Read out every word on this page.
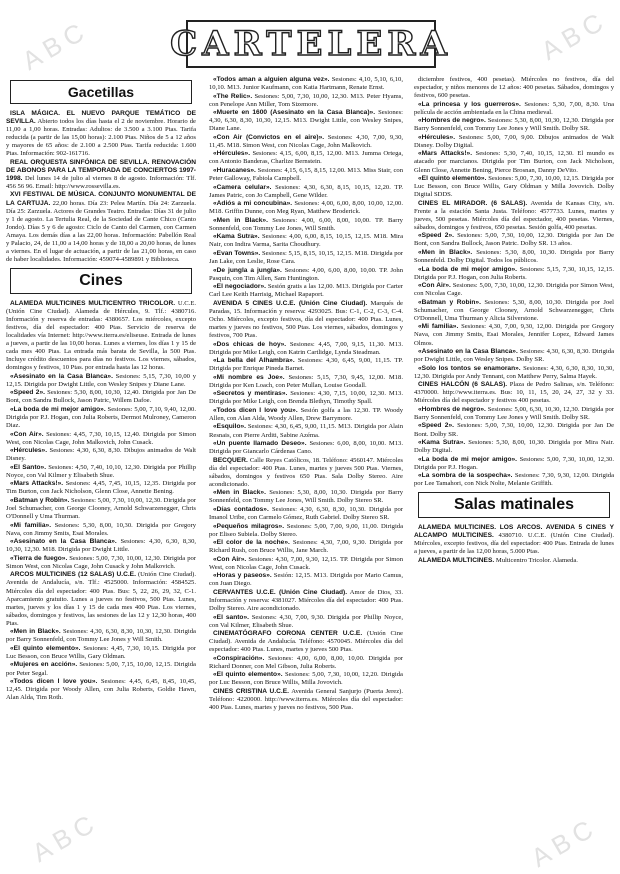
ABC	ABC
ABC	ABC
CARTELERA
Gacetillas

ISLA MÁGICA. EL NUEVO PARQUE TEMÁTICO DE SEVILLA. Abierto todos los días hasta el 2 de noviembre. Horario de 11,00 a 1,00 horas. Entradas: Adultos: de 3.500 a 3.100 Ptas. Tarifa reducida (a partir de las 15,00 horas): 2.100 Ptas. Niños de 5 a 12 años y mayores de 65 años: de 2.100 a 2.500 Ptas. Tarifa reducida: 1.600 Ptas. Información: 902-161716.

REAL ORQUESTA SINFÓNICA DE SEVILLA. RENOVACIÓN DE ABONOS PARA LA TEMPORADA DE CONCIERTOS 1997-1998. Del lunes 14 de julio al viernes 8 de agosto. Información: Tlf. 456 56 96. Email: http://www.rossevilla.es.

XVI FESTIVAL DE MÚSICA. CONJUNTO MONUMENTAL DE LA CARTUJA. 22,00 horas. Día 23: Pelea Martín. Día 24: Zarzuela. Día 25: Zarzuela. Actores de Grandes Teatro. Entradas: Días 31 de julio y 1 de agosto. La Tertulia Real, de la Sociedad de Cante Chico (Canto Jondo). Días 5 y 6 de agosto: Ciclo de Canto del Carmen, con Carmen Amaya. Los demás días a las 22,00 horas. Información: Pabellón Real y Palacio, 24, de 11,00 a 14,00 horas y de 18,00 a 20,00 horas, de lunes a viernes. En el lugar de actuación, a partir de las 21,00 horas, en caso de haber localidades. Información: 459074-4589891 y Biblioteca.

Cines

ALAMEDA MULTICINES MULTICENTRO TRICOLOR. U.C.E. (Unión Cine Ciudad). Alameda de Hércules, 9. Tlf.: 4380716. Información y reserva de entradas: 4380657. Los miércoles, excepto festivos, día del espectador: 400 Ptas. Servicio de reserva de localidades vía Internet: http://www.iterra.es/eliseuse. Entrada de lunes a jueves, a partir de las 10,00 horas. Lunes a viernes, los días 1 y 15 de cada mes 400 Ptas. La entrada más barata de Sevilla, la 500 Ptas. Incluye crédito descuentos para días no festivos. Los viernes, sábados, domingos y festivos, 10 Ptas. por entrada hasta las 12 horas.

«Asesinato en la Casa Blanca». Sesiones: 5,15, 7,30, 10,00 y 12,15. Dirigida por Dwight Little, con Wesley Snipes y Diane Lane.

«Speed 2». Sesiones: 5,30, 8,00, 10,30, 12,40. Dirigida por Jan De Bont, con Sandra Bullock, Jason Patric, Willem Dafoe.

«La boda de mi mejor amigo». Sesiones: 5,00, 7,10, 9,40, 12,00. Dirigida por P.J. Hogan, con Julia Roberts, Dermot Mulroney, Cameron Diaz.

«Con Air». Sesiones: 4,45, 7,30, 10,15, 12,40. Dirigida por Simon West, con Nicolas Cage, John Malkovich, John Cusack.

«Hércules». Sesiones: 4,30, 6,30, 8,30. Dibujos animados de Walt Disney.

«El Santo». Sesiones: 4,50, 7,40, 10,10, 12,30. Dirigida por Phillip Noyce, con Val Kilmer y Elisabeth Shue.

«Mars Attacks!». Sesiones: 4,45, 7,45, 10,15, 12,35. Dirigida por Tim Burton, con Jack Nicholson, Glenn Close, Annette Bening.

«Batman y Robin». Sesiones: 5,00, 7,30, 10,00, 12,30. Dirigida por Joel Schumacher, con George Clooney, Arnold Schwarzenegger, Chris O'Donnell y Uma Thurman.

«Mi familia». Sesiones: 5,30, 8,00, 10,30. Dirigida por Gregory Nava, con Jimmy Smits, Esai Morales.

«Asesinato en la Casa Blanca». Sesiones: 4,30, 6,30, 8,30, 10,30, 12,30. M18. Dirigida por Dwight Little.

«Tierra de fuego». Sesiones: 5,00, 7,30, 10,00, 12,30. Dirigida por Simon West, con Nicolas Cage, John Cusack y John Malkovich.

ARCOS MULTICINES (12 SALAS) U.C.E. (Unión Cine Ciudad). Avenida de Andalucía, s/n. Tlf.: 4525000. Información: 4584525. Miércoles día del espectador: 400 Ptas. Bus: 5, 22, 26, 29, 32, C-1. Aparcamiento gratuito. Lunes a jueves no festivos, 500 Ptas. Lunes, martes, jueves y los días 1 y 15 de cada mes 400 Ptas. Los viernes, sábados, domingos y festivos, las sesiones de las 12 y 12,30 horas, 400 Ptas.

«Men in Black». Sesiones: 4,30, 6,30, 8,30, 10,30, 12,30. Dirigida por Barry Sonnenfeld, con Tommy Lee Jones y Will Smith.

«El quinto elemento». Sesiones: 4,45, 7,30, 10,15. Dirigida por Luc Besson, con Bruce Willis, Gary Oldman.

«Mujeres en acción». Sesiones: 5,00, 7,15, 10,00, 12,15. Dirigida por Peter Segal.

«Todos dicen I love you». Sesiones: 4,45, 6,45, 8,45, 10,45, 12,45. Dirigida por Woody Allen, con Julia Roberts, Goldie Hawn, Alan Alda, Tim Roth.

«Todos aman a alguien alguna vez». Sesiones: 4,10, 5,10, 6,10, 10,10. M13. Junior Kaufmann, con Katia Hartmann, Renate Ernst.

«The Relic». Sesiones: 5,00, 7,30, 10,00, 12,30. M13. Peter Hyams, con Penelope Ann Miller, Tom Sizemore.

«Muerte en 1600 (Asesinato en la Casa Blanca)». Sesiones: 4,30, 6,30, 8,30, 10,30, 12,15. M13. Dwight Little, con Wesley Snipes, Diane Lane.

«Con Air (Convictos en el aire)». Sesiones: 4,30, 7,00, 9,30, 11,45. M18. Simon West, con Nicolas Cage, John Malkovich.

«Hércules». Sesiones: 4,15, 6,00, 8,15, 12,00. M13. Jumma Ortega, con Antonio Banderas, Charlize Bernstein.

«Huracanes». Sesiones: 4,15, 6,15, 8,15, 12,00. M13. Miss Stair, con Peter Galloway, Fabiola Campbell.

«Camera celular». Sesiones: 4,30, 6,30, 8,15, 10,15, 12,20. TP. James Patric, con Jo Campbell, Gene Wilder.

«Adiós a mi concubina». Sesiones: 4,00, 6,00, 8,00, 10,00, 12,00. M18. Griffin Dunne, con Meg Ryan, Matthew Broderick.

«Men in Black». Sesiones: 4,00, 6,00, 8,00, 10,00. TP. Barry Sonnenfeld, con Tommy Lee Jones, Will Smith.

«Kama Sutra». Sesiones: 4,00, 6,00, 8,15, 10,15, 12,15. M18. Mira Nair, con Indira Varma, Sarita Choudhury.

«Evan Towns». Sesiones: 5,15, 8,15, 10,15, 12,15. M18. Dirigida por Jan Lake, con Leslie, Rose Cara.

«De jungla a jungla». Sesiones: 4,00, 6,00, 8,00, 10,00. TP. John Pasquin, con Tim Allen, Sam Huntington.

«El negociador». Sesión gratis a las 12,00. M13. Dirigida por Carter Carl Lee Keith Harrisig, Michael Rapaport.

AVENIDA 5 CINES U.C.E. (Unión Cine Ciudad). Marqués de Paradas, 15. Información y reserva: 4293025. Bus: C-1, C-2, C-3, C-4. Ocho. Miércoles, excepto festivos, día del espectador: 400 Ptas. Lunes, martes y jueves no festivos, 500 Ptas. Los viernes, sábados, domingos y festivos, 700 Ptas.

«Dos chicas de hoy». Sesiones: 4,45, 7,00, 9,15, 11,30. M13. Dirigida por Mike Leigh, con Katrin Cartlidge, Lynda Steadman.

«La bella del Alhambra». Sesiones: 4,30, 6,45, 9,00, 11,15. TP. Dirigida por Enrique Pineda Barnet.

«Mi nombre es Joe». Sesiones: 5,15, 7,30, 9,45, 12,00. M18. Dirigida por Ken Loach, con Peter Mullan, Louise Goodall.

«Secretos y mentiras». Sesiones: 4,30, 7,15, 10,00, 12,30. M13. Dirigida por Mike Leigh, con Brenda Blethyn, Timothy Spall.

«Todos dicen I love you». Sesión golfa a las 12,30. TP. Woody Allen, con Alan Alda, Woody Allen, Drew Barrymore.

«Esquilo». Sesiones: 4,30, 6,45, 9,00, 11,15. M13. Dirigida por Alain Resnais, con Pierre Arditi, Sabine Azéma.

«Un puente llamado Deseo». Sesiones: 6,00, 8,00, 10,00. M13. Dirigida por Giancarlo Cárdenas Cano.

BECQUER. Calle Reyes Católicos, 18. Teléfono: 4560147. Miércoles día del espectador: 400 Ptas. Lunes, martes y jueves 500 Ptas. Viernes, sábados, domingos y festivos 650 Ptas. Sala Dolby Stereo. Aire acondicionado.

«Men in Black». Sesiones: 5,30, 8,00, 10,30. Dirigida por Barry Sonnenfeld, con Tommy Lee Jones, Will Smith. Dolby Stereo SR.

«Días contados». Sesiones: 4,30, 6,30, 8,30, 10,30. Dirigida por Imanol Uribe, con Carmelo Gómez, Ruth Gabriel. Dolby Stereo SR.

«Pequeños milagros». Sesiones: 5,00, 7,00, 9,00, 11,00. Dirigida por Eliseo Subiela. Dolby Stereo.

«El color de la noche». Sesiones: 4,30, 7,00, 9,30. Dirigida por Richard Rush, con Bruce Willis, Jane March.

«Con Air». Sesiones: 4,30, 7,00, 9,30, 12,15. TP. Dirigida por Simon West, con Nicolas Cage, John Cusack.

«Horas y paseos». Sesión: 12,15. M13. Dirigida por Mario Camus, con Juan Diego.

CERVANTES U.C.E. (Unión Cine Ciudad). Amor de Dios, 33. Información y reserva: 4381027. Miércoles día del espectador: 400 Ptas. Dolby Stereo. Aire acondicionado.

«El santo». Sesiones: 4,30, 7,00, 9,30. Dirigida por Phillip Noyce, con Val Kilmer, Elisabeth Shue.

CINEMATÓGRAFO CORONA CENTER U.C.E. (Unión Cine Ciudad). Avenida de Andalucía. Teléfono: 4570045. Miércoles día del espectador: 400 Ptas. Lunes, martes y jueves 500 Ptas.

«Conspiración». Sesiones: 4,00, 6,00, 8,00, 10,00. Dirigida por Richard Donner, con Mel Gibson, Julia Roberts.

«El quinto elemento». Sesiones: 5,00, 7,30, 10,00, 12,20. Dirigida por Luc Besson, con Bruce Willis, Milla Jovovich.

CINES CRISTINA U.C.E. Avenida General Sanjurjo (Puerta Jerez). Teléfono: 4220000. http://www.iterra.es. Miércoles día del espectador: 400 Ptas. Lunes, martes y jueves no festivos, 500 Ptas.

diciembre festivos, 400 pesetas). Miércoles no festivos, día del espectador, y niños menores de 12 años: 400 pesetas. Sábados, domingos y festivos, 600 pesetas.

«La princesa y los guerreros». Sesiones: 5,30, 7,00, 8,30. Una película de acción ambientada en la China medieval.

«Hombres de negro». Sesiones: 5,30, 8,00, 10,30, 12,30. Dirigida por Barry Sonnenfeld, con Tommy Lee Jones y Will Smith. Dolby SR.

«Hércules». Sesiones: 5,00, 7,00, 9,00. Dibujos animados de Walt Disney. Dolby Digital.

«Mars Attacks!». Sesiones: 5,30, 7,40, 10,15, 12,30. El mundo es atacado por marcianos. Dirigida por Tim Burton, con Jack Nicholson, Glenn Close, Annette Bening, Pierce Brosnan, Danny DeVito.

«El quinto elemento». Sesiones: 5,00, 7,30, 10,00, 12,15. Dirigida por Luc Besson, con Bruce Willis, Gary Oldman y Milla Jovovich. Dolby Digital SDDS.

CINES EL MIRADOR. (6 SALAS). Avenida de Kansas City, s/n. Frente a la estación Santa Justa. Teléfono: 4577733. Lunes, martes y jueves, 500 pesetas. Miércoles día del espectador, 400 pesetas. Viernes, sábados, domingos y festivos, 650 pesetas. Sesión golfa, 400 pesetas.

«Speed 2». Sesiones: 5,00, 7,30, 10,00, 12,30. Dirigida por Jan De Bont, con Sandra Bullock, Jason Patric. Dolby SR. 13 años.

«Men in Black». Sesiones: 5,30, 8,00, 10,30. Dirigida por Barry Sonnenfeld. Dolby Digital. Todos los públicos.

«La boda de mi mejor amigo». Sesiones: 5,15, 7,30, 10,15, 12,15. Dirigida por P.J. Hogan, con Julia Roberts.

«Con Air». Sesiones: 5,00, 7,30, 10,00, 12,30. Dirigida por Simon West, con Nicolas Cage.

«Batman y Robin». Sesiones: 5,30, 8,00, 10,30. Dirigida por Joel Schumacher, con George Clooney, Arnold Schwarzenegger, Chris O'Donnell, Uma Thurman y Alicia Silverstone.

«Mi familia». Sesiones: 4,30, 7,00, 9,30, 12,00. Dirigida por Gregory Nava, con Jimmy Smits, Esai Morales, Jennifer Lopez, Edward James Olmos.

«Asesinato en la Casa Blanca». Sesiones: 4,30, 6,30, 8,30. Dirigida por Dwight Little, con Wesley Snipes. Dolby SR.

«Solo los tontos se enamoran». Sesiones: 4,30, 6,30, 8,30, 10,30, 12,30. Dirigida por Andy Tennant, con Matthew Perry, Salma Hayek.

CINES HALCÓN (6 SALAS). Plaza de Pedro Salinas, s/n. Teléfono: 4370000. http://www.iterra.es. Bus: 10, 11, 15, 20, 24, 27, 32 y 33. Miércoles día del espectador y festivos 400 pesetas.

«Hombres de negro». Sesiones: 5,00, 6,30, 10,30, 12,30. Dirigida por Barry Sonnenfeld, con Tommy Lee Jones y Will Smith. Dolby SR.

«Speed 2». Sesiones: 5,00, 7,30, 10,00, 12,30. Dirigida por Jan De Bont. Dolby SR.

«Kama Sutra». Sesiones: 5,30, 8,00, 10,30. Dirigida por Mira Nair. Dolby Digital.

«La boda de mi mejor amigo». Sesiones: 5,00, 7,30, 10,00, 12,30. Dirigida por P.J. Hogan.

«La sombra de la sospecha». Sesiones: 7,30, 9,30, 12,00. Dirigida por Lee Tamahori, con Nick Nolte, Melanie Griffith.

Salas matinales

ALAMEDA MULTICINES. LOS ARCOS. AVENIDA 5 CINES Y ALCAMPO MULTICINES. 4380710. U.C.E. (Unión Cine Ciudad). Miércoles, excepto festivos, día del espectador: 400 Ptas. Entrada de lunes a jueves, a partir de las 12,00 horas, 5.000 Ptas.

ALAMEDA MULTICINES. Multicentro Tricolor. Alameda.
